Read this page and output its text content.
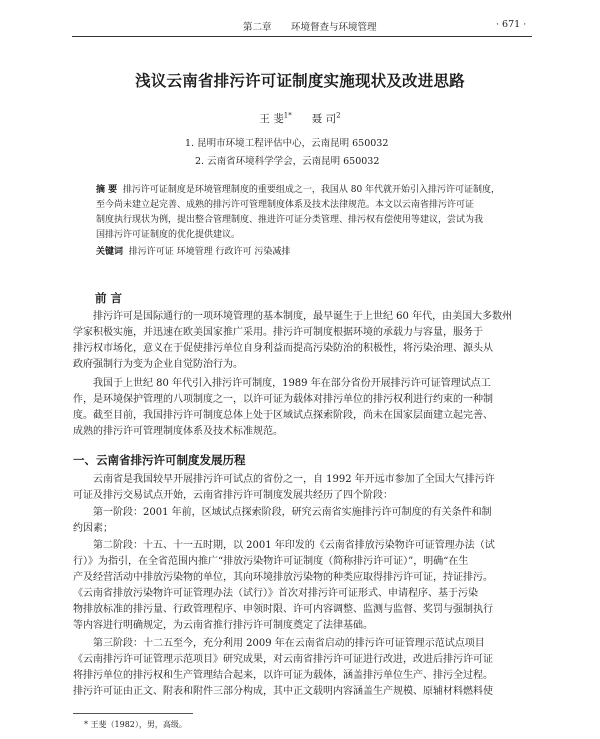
第二章 环境督查与环境管理	· 671 ·
浅议云南省排污许可证制度实施现状及改进思路
王 斐$^{1*}$ 聂 司$^2$
1. 昆明市环境工程评估中心，云南昆明 650032
2. 云南省环境科学学会，云南昆明 650032
摘 要 排污许可证制度是环境管理制度的重要组成之一，我国从 80 年代就开始引入排污许可证制度，
至今尚未建立起完善、成熟的排污许可管理制度体系及技术法律规范。本文以云南省排污许可证
制度执行现状为例，提出整合管理制度、推进许可证分类管理、排污权有偿使用等建议，尝试为我
国排污许可证制度的优化提供建议。
关键词 排污许可证 环境管理 行政许可 污染减排
前 言
排污许可是国际通行的一项环境管理的基本制度，最早诞生于上世纪 60 年代，由美国大多数州
学家积极实施，并迅速在欧美国家推广采用。排污许可制度根据环境的承载力与容量，服务于
排污权市场化，意义在于促使排污单位自身利益而提高污染防治的积极性，将污染治理、源头从
政府强制行为变为企业自觉防治行为。
我国于上世纪 80 年代引入排污许可制度，1989 年在部分省份开展排污许可证管理试点工
作，是环境保护管理的八项制度之一，以许可证为载体对排污单位的排污权利进行约束的一种制
度。截至目前，我国排污许可制度总体上处于区域试点探索阶段，尚未在国家层面建立起完善、
成熟的排污许可管理制度体系及技术标准规范。
一、云南省排污许可制度发展历程
云南省是我国较早开展排污许可试点的省份之一，自 1992 年开远市参加了全国大气排污许
可证及排污交易试点开始，云南省排污许可制度发展共经历了四个阶段：
第一阶段：2001 年前，区域试点探索阶段，研究云南省实施排污许可制度的有关条件和制
约因素；
第二阶段：十五、十一五时期，以 2001 年印发的《云南省排放污染物许可证管理办法（试
行）》为指引，在全省范围内推广“排放污染物许可证制度（简称排污许可证）”，明确“在生
产及经营活动中排放污染物的单位，其向环境排放污染物的种类应取得排污许可证，持证排污。
《云南省排放污染物许可证管理办法（试行）》首次对排污许可证形式、申请程序、基于污染
物排放标准的排污量、行政管理程序、申领时限、许可内容调整、监测与监督、奖罚与强制执行
等内容进行明确规定，为云南省推行排污许可制度奠定了法律基础。
第三阶段：十二五至今，充分利用 2009 年在云南省启动的排污许可证管理示范试点项目
《云南排污许可证管理示范项目》研究成果，对云南省排污许可证进行改进，改进后排污许可证
将排污单位的排污权和生产管理结合起来，以许可证为载体，涵盖排污单位生产、排污全过程。
排污许可证由正文、附表和附件三部分构成，其中正文载明内容涵盖生产规模、原辅材料燃料使
* 王斐（1982），男，高级。
